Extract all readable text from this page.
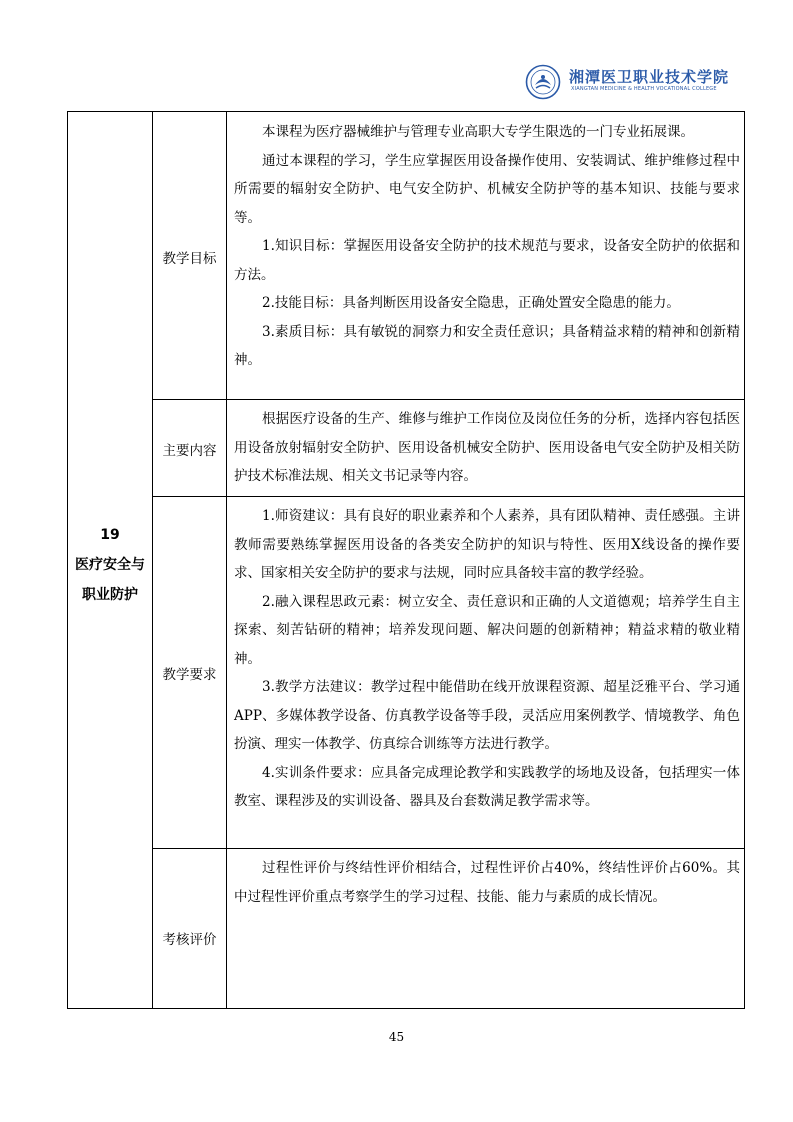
湘潭医卫职业技术学院
XIANGTAN MEDICINE & HEALTH VOCATIONAL COLLEGE
19
医疗安全与
职业防护
教学目标
主要内容
教学要求
考核评价

本课程为医疗器械维护与管理专业高职大专学生限选的一门专业拓展课。

通过本课程的学习，学生应掌握医用设备操作使用、安装调试、维护维修过程中所需要的辐射安全防护、电气安全防护、机械安全防护等的基本知识、技能与要求等。

1.知识目标：掌握医用设备安全防护的技术规范与要求，设备安全防护的依据和方法。

2.技能目标：具备判断医用设备安全隐患，正确处置安全隐患的能力。

3.素质目标：具有敏锐的洞察力和安全责任意识；具备精益求精的精神和创新精神。

根据医疗设备的生产、维修与维护工作岗位及岗位任务的分析，选择内容包括医用设备放射辐射安全防护、医用设备机械安全防护、医用设备电气安全防护及相关防护技术标准法规、相关文书记录等内容。

1.师资建议：具有良好的职业素养和个人素养，具有团队精神、责任感强。主讲教师需要熟练掌握医用设备的各类安全防护的知识与特性、医用X线设备的操作要求、国家相关安全防护的要求与法规，同时应具备较丰富的教学经验。

2.融入课程思政元素：树立安全、责任意识和正确的人文道德观；培养学生自主探索、刻苦钻研的精神；培养发现问题、解决问题的创新精神；精益求精的敬业精神。

3.教学方法建议：教学过程中能借助在线开放课程资源、超星泛雅平台、学习通APP、多媒体教学设备、仿真教学设备等手段，灵活应用案例教学、情境教学、角色扮演、理实一体教学、仿真综合训练等方法进行教学。

4.实训条件要求：应具备完成理论教学和实践教学的场地及设备，包括理实一体教室、课程涉及的实训设备、器具及台套数满足教学需求等。

过程性评价与终结性评价相结合，过程性评价占40%，终结性评价占60%。其中过程性评价重点考察学生的学习过程、技能、能力与素质的成长情况。

45
